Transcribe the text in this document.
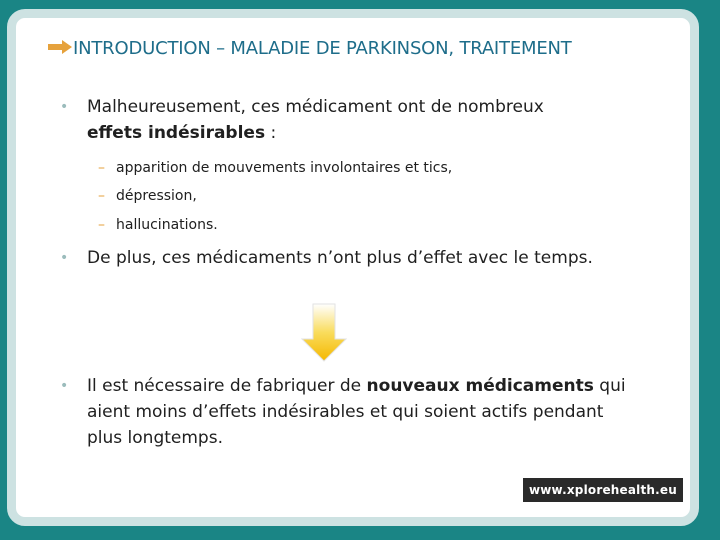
INTRODUCTION – MALADIE DE PARKINSON, TRAITEMENT
• Malheureusement, ces médicament ont de nombreux
effets indésirables :
– apparition de mouvements involontaires et tics,
– dépression,
– hallucinations.
• De plus, ces médicaments n’ont plus d’effet avec le temps.
• Il est nécessaire de fabriquer de nouveaux médicaments qui
aient moins d’effets indésirables et qui soient actifs pendant
plus longtemps.
www.xplorehealth.eu
